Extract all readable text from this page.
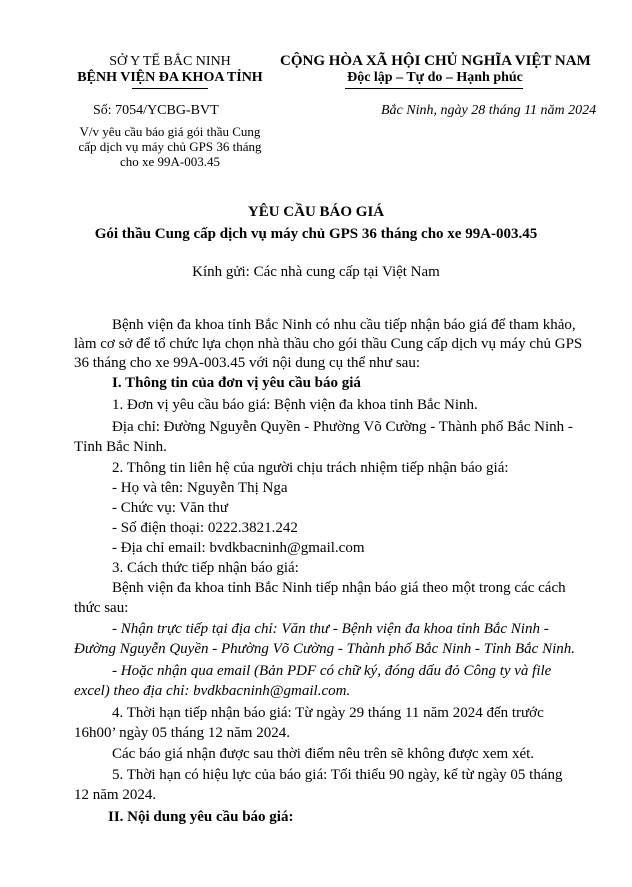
SỞ Y TẾ BẮC NINH
BỆNH VIỆN ĐA KHOA TỈNH
CỘNG HÒA XÃ HỘI CHỦ NGHĨA VIỆT NAM
Độc lập – Tự do – Hạnh phúc
Số: 7054/YCBG-BVT	Bắc Ninh, ngày 28 tháng 11 năm 2024
V/v yêu cầu báo giá gói thầu Cung
cấp dịch vụ máy chủ GPS 36 tháng
cho xe 99A-003.45
YÊU CẦU BÁO GIÁ
Gói thầu Cung cấp dịch vụ máy chủ GPS 36 tháng cho xe 99A-003.45
Kính gửi: Các nhà cung cấp tại Việt Nam
Bệnh viện đa khoa tỉnh Bắc Ninh có nhu cầu tiếp nhận báo giá để tham khảo,
làm cơ sở để tổ chức lựa chọn nhà thầu cho gói thầu Cung cấp dịch vụ máy chủ GPS
36 tháng cho xe 99A-003.45 với nội dung cụ thể như sau:
I. Thông tin của đơn vị yêu cầu báo giá
1. Đơn vị yêu cầu báo giá: Bệnh viện đa khoa tỉnh Bắc Ninh.
Địa chỉ: Đường Nguyễn Quyền - Phường Võ Cường - Thành phố Bắc Ninh -
Tỉnh Bắc Ninh.
2. Thông tin liên hệ của người chịu trách nhiệm tiếp nhận báo giá:
- Họ và tên: Nguyễn Thị Nga
- Chức vụ: Văn thư
- Số điện thoại: 0222.3821.242
- Địa chỉ email: bvdkbacninh@gmail.com
3. Cách thức tiếp nhận báo giá:
Bệnh viện đa khoa tỉnh Bắc Ninh tiếp nhận báo giá theo một trong các cách
thức sau:
- Nhận trực tiếp tại địa chỉ: Văn thư - Bệnh viện đa khoa tỉnh Bắc Ninh -
Đường Nguyễn Quyền - Phường Võ Cường - Thành phố Bắc Ninh - Tỉnh Bắc Ninh.
- Hoặc nhận qua email (Bản PDF có chữ ký, đóng dấu đỏ Công ty và file
excel) theo địa chỉ: bvdkbacninh@gmail.com.
4. Thời hạn tiếp nhận báo giá: Từ ngày 29 tháng 11 năm 2024 đến trước
16h00’ ngày 05 tháng 12 năm 2024.
Các báo giá nhận được sau thời điểm nêu trên sẽ không được xem xét.
5. Thời hạn có hiệu lực của báo giá: Tối thiểu 90 ngày, kể từ ngày 05 tháng
12 năm 2024.
II. Nội dung yêu cầu báo giá:
